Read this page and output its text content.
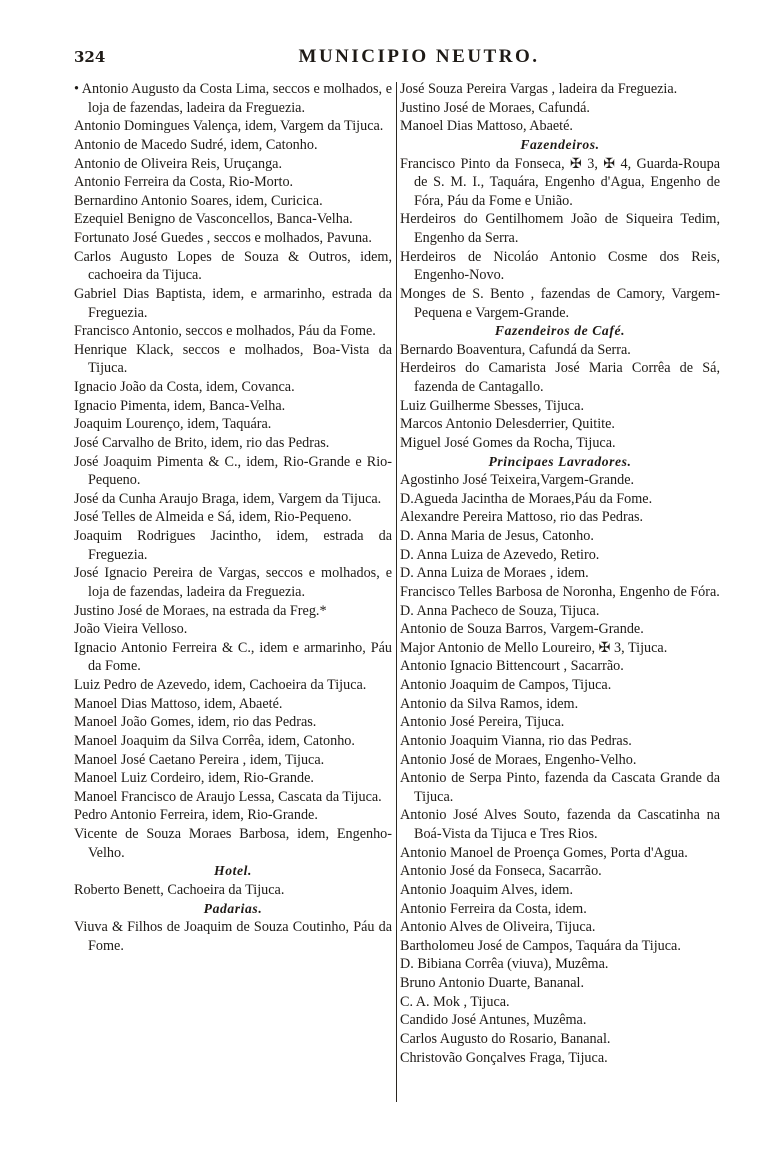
324	MUNICIPIO NEUTRO.
• Antonio Augusto da Costa Lima, seccos e molhados, e loja de fazendas, ladeira da Freguezia.
Antonio Domingues Valença, idem, Vargem da Tijuca.
Antonio de Macedo Sudré, idem, Catonho.
Antonio de Oliveira Reis, Uruçanga.
Antonio Ferreira da Costa, Rio-Morto.
Bernardino Antonio Soares, idem, Curicica.
Ezequiel Benigno de Vasconcellos, Banca-Velha.
Fortunato José Guedes , seccos e molhados, Pavuna.
Carlos Augusto Lopes de Souza & Outros, idem, cachoeira da Tijuca.
Gabriel Dias Baptista, idem, e armarinho, estrada da Freguezia.
Francisco Antonio, seccos e molhados, Páu da Fome.
Henrique Klack, seccos e molhados, Boa-Vista da Tijuca.
Ignacio João da Costa, idem, Covanca.
Ignacio Pimenta, idem, Banca-Velha.
Joaquim Lourenço, idem, Taquára.
José Carvalho de Brito, idem, rio das Pedras.
José Joaquim Pimenta & C., idem, Rio-Grande e Rio-Pequeno.
José da Cunha Araujo Braga, idem, Vargem da Tijuca.
José Telles de Almeida e Sá, idem, Rio-Pequeno.
Joaquim Rodrigues Jacintho, idem, estrada da Freguezia.
José Ignacio Pereira de Vargas, seccos e molhados, e loja de fazendas, ladeira da Freguezia.
Justino José de Moraes, na estrada da Freg.*
João Vieira Velloso.
Ignacio Antonio Ferreira & C., idem e armarinho, Páu da Fome.
Luiz Pedro de Azevedo, idem, Cachoeira da Tijuca.
Manoel Dias Mattoso, idem, Abaeté.
Manoel João Gomes, idem, rio das Pedras.
Manoel Joaquim da Silva Corrêa, idem, Catonho.
Manoel José Caetano Pereira , idem, Tijuca.
Manoel Luiz Cordeiro, idem, Rio-Grande.
Manoel Francisco de Araujo Lessa, Cascata da Tijuca.
Pedro Antonio Ferreira, idem, Rio-Grande.
Vicente de Souza Moraes Barbosa, idem, Engenho-Velho.
Hotel.
Roberto Benett, Cachoeira da Tijuca.
Padarias.
Viuva & Filhos de Joaquim de Souza Coutinho, Páu da Fome.
José Souza Pereira Vargas , ladeira da Freguezia.
Justino José de Moraes, Cafundá.
Manoel Dias Mattoso, Abaeté.
Fazendeiros.
Francisco Pinto da Fonseca, ✠ 3, ✠ 4, Guarda-Roupa de S. M. I., Taquára, Engenho d'Agua, Engenho de Fóra, Páu da Fome e União.
Herdeiros do Gentilhomem João de Siqueira Tedim, Engenho da Serra.
Herdeiros de Nicoláo Antonio Cosme dos Reis, Engenho-Novo.
Monges de S. Bento , fazendas de Camory, Vargem-Pequena e Vargem-Grande.
Fazendeiros de Café.
Bernardo Boaventura, Cafundá da Serra.
Herdeiros do Camarista José Maria Corrêa de Sá, fazenda de Cantagallo.
Luiz Guilherme Sbesses, Tijuca.
Marcos Antonio Delesderrier, Quitite.
Miguel José Gomes da Rocha, Tijuca.
Principaes Lavradores.
Agostinho José Teixeira,Vargem-Grande.
D.Agueda Jacintha de Moraes,Páu da Fome.
Alexandre Pereira Mattoso, rio das Pedras.
D. Anna Maria de Jesus, Catonho.
D. Anna Luiza de Azevedo, Retiro.
D. Anna Luiza de Moraes , idem.
Francisco Telles Barbosa de Noronha, Engenho de Fóra.
D. Anna Pacheco de Souza, Tijuca.
Antonio de Souza Barros, Vargem-Grande.
Major Antonio de Mello Loureiro, ✠ 3, Tijuca.
Antonio Ignacio Bittencourt , Sacarrão.
Antonio Joaquim de Campos, Tijuca.
Antonio da Silva Ramos, idem.
Antonio José Pereira, Tijuca.
Antonio Joaquim Vianna, rio das Pedras.
Antonio José de Moraes, Engenho-Velho.
Antonio de Serpa Pinto, fazenda da Cascata Grande da Tijuca.
Antonio José Alves Souto, fazenda da Cascatinha na Boá-Vista da Tijuca e Tres Rios.
Antonio Manoel de Proença Gomes, Porta d'Agua.
Antonio José da Fonseca, Sacarrão.
Antonio Joaquim Alves, idem.
Antonio Ferreira da Costa, idem.
Antonio Alves de Oliveira, Tijuca.
Bartholomeu José de Campos, Taquára da Tijuca.
D. Bibiana Corrêa (viuva), Muzêma.
Bruno Antonio Duarte, Bananal.
C. A. Mok , Tijuca.
Candido José Antunes, Muzêma.
Carlos Augusto do Rosario, Bananal.
Christovão Gonçalves Fraga, Tijuca.
